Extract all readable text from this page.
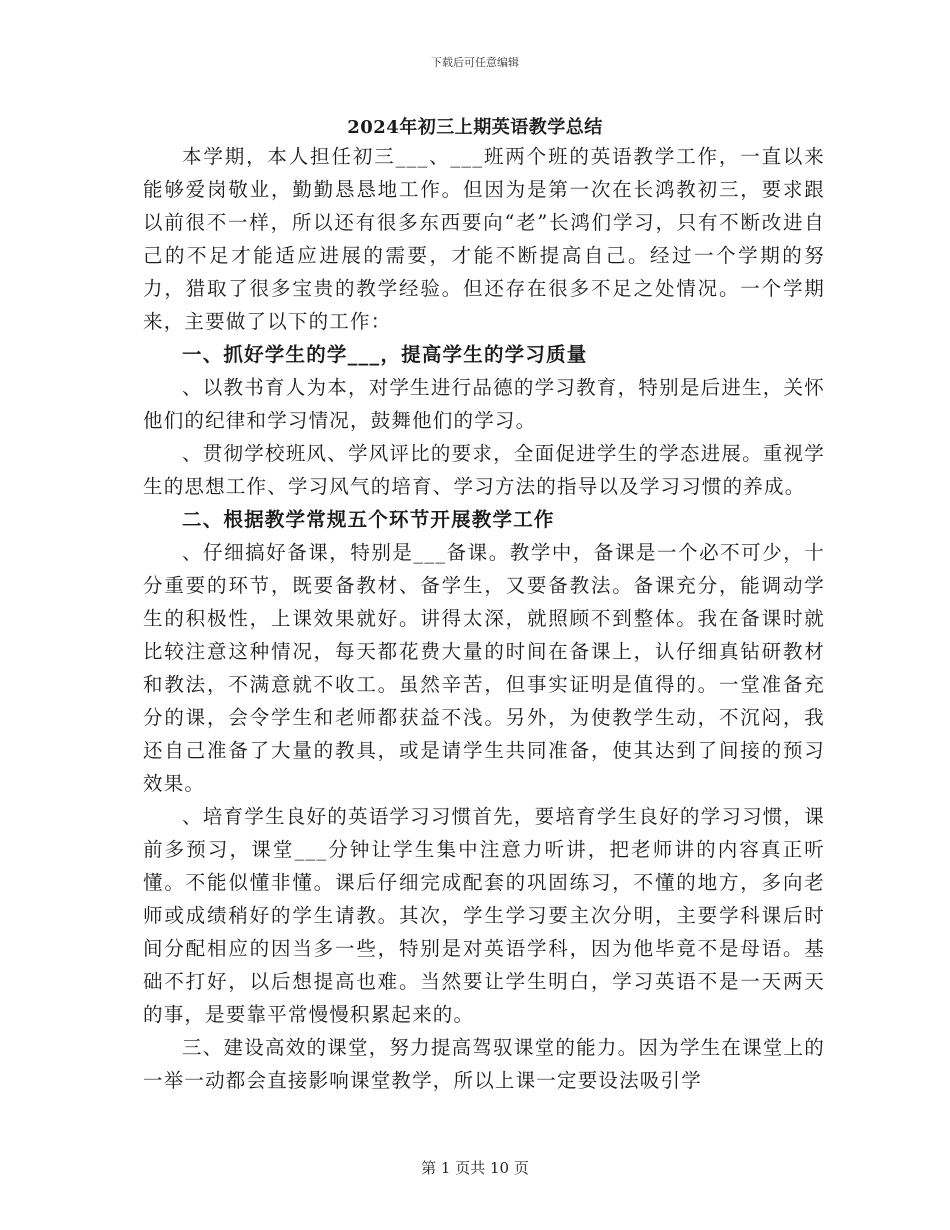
下载后可任意编辑
2024年初三上期英语教学总结

本学期，本人担任初三___、___班两个班的英语教学工作，一直以来能够爱岗敬业，勤勤恳恳地工作。但因为是第一次在长鸿教初三，要求跟以前很不一样，所以还有很多东西要向“老”长鸿们学习，只有不断改进自己的不足才能适应进展的需要，才能不断提高自己。经过一个学期的努力，猎取了很多宝贵的教学经验。但还存在很多不足之处情况。一个学期来，主要做了以下的工作：

一、抓好学生的学___，提高学生的学习质量

、以教书育人为本，对学生进行品德的学习教育，特别是后进生，关怀他们的纪律和学习情况，鼓舞他们的学习。

、贯彻学校班风、学风评比的要求，全面促进学生的学态进展。重视学生的思想工作、学习风气的培育、学习方法的指导以及学习习惯的养成。

二、根据教学常规五个环节开展教学工作

、仔细搞好备课，特别是___备课。教学中，备课是一个必不可少，十分重要的环节，既要备教材、备学生，又要备教法。备课充分，能调动学生的积极性，上课效果就好。讲得太深，就照顾不到整体。我在备课时就比较注意这种情况，每天都花费大量的时间在备课上，认仔细真钻研教材和教法，不满意就不收工。虽然辛苦，但事实证明是值得的。一堂准备充分的课，会令学生和老师都获益不浅。另外，为使教学生动，不沉闷，我还自己准备了大量的教具，或是请学生共同准备，使其达到了间接的预习效果。

、培育学生良好的英语学习习惯首先，要培育学生良好的学习习惯，课前多预习，课堂___分钟让学生集中注意力听讲，把老师讲的内容真正听懂。不能似懂非懂。课后仔细完成配套的巩固练习，不懂的地方，多向老师或成绩稍好的学生请教。其次，学生学习要主次分明，主要学科课后时间分配相应的因当多一些，特别是对英语学科，因为他毕竟不是母语。基础不打好，以后想提高也难。当然要让学生明白，学习英语不是一天两天的事，是要靠平常慢慢积累起来的。

三、建设高效的课堂，努力提高驾驭课堂的能力。因为学生在课堂上的一举一动都会直接影响课堂教学，所以上课一定要设法吸引学

第 1 页共 10 页
